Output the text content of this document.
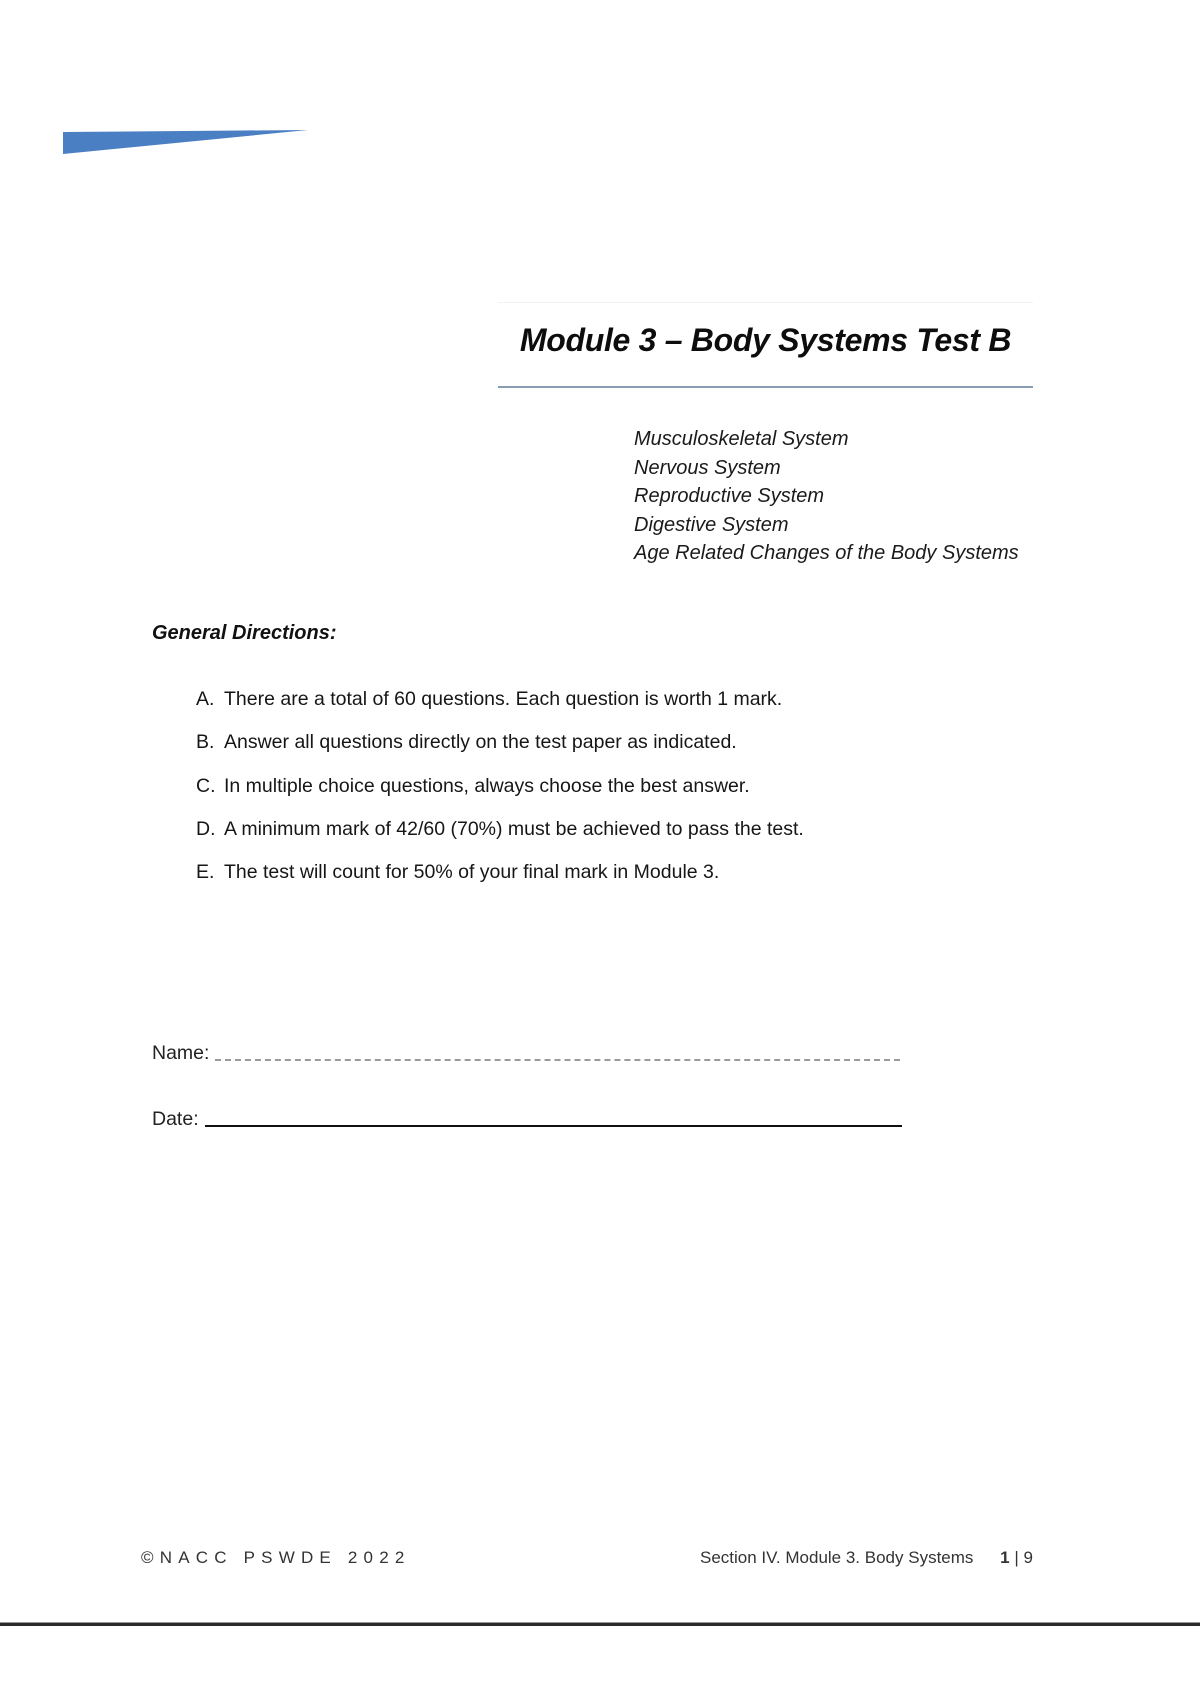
Module 3 – Body Systems Test B
Musculoskeletal System
Nervous System
Reproductive System
Digestive System
Age Related Changes of the Body Systems
General Directions:
A. There are a total of 60 questions. Each question is worth 1 mark.
B. Answer all questions directly on the test paper as indicated.
C. In multiple choice questions, always choose the best answer.
D. A minimum mark of 42/60 (70%) must be achieved to pass the test.
E. The test will count for 50% of your final mark in Module 3.
Name:
Date:
©NACC PSWDE 2022	Section IV. Module 3. Body Systems 1 | 9
